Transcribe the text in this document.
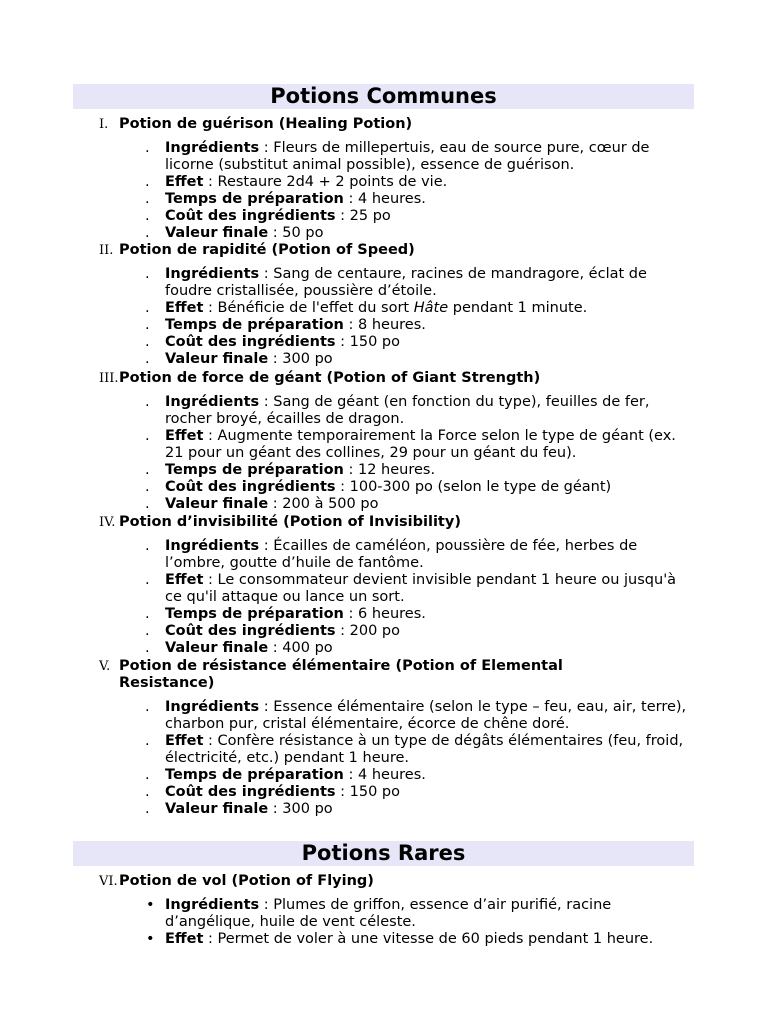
Potions Communes
I. Potion de guérison (Healing Potion)
. Ingrédients : Fleurs de millepertuis, eau de source pure, cœur de licorne (substitut animal possible), essence de guérison.
. Effet : Restaure 2d4 + 2 points de vie.
. Temps de préparation : 4 heures.
. Coût des ingrédients : 25 po
. Valeur finale : 50 po
II. Potion de rapidité (Potion of Speed)
. Ingrédients : Sang de centaure, racines de mandragore, éclat de foudre cristallisée, poussière d’étoile.
. Effet : Bénéficie de l'effet du sort Hâte pendant 1 minute.
. Temps de préparation : 8 heures.
. Coût des ingrédients : 150 po
. Valeur finale : 300 po
III. Potion de force de géant (Potion of Giant Strength)
. Ingrédients : Sang de géant (en fonction du type), feuilles de fer, rocher broyé, écailles de dragon.
. Effet : Augmente temporairement la Force selon le type de géant (ex. 21 pour un géant des collines, 29 pour un géant du feu).
. Temps de préparation : 12 heures.
. Coût des ingrédients : 100-300 po (selon le type de géant)
. Valeur finale : 200 à 500 po
IV. Potion d’invisibilité (Potion of Invisibility)
. Ingrédients : Écailles de caméléon, poussière de fée, herbes de l’ombre, goutte d’huile de fantôme.
. Effet : Le consommateur devient invisible pendant 1 heure ou jusqu'à ce qu'il attaque ou lance un sort.
. Temps de préparation : 6 heures.
. Coût des ingrédients : 200 po
. Valeur finale : 400 po
V. Potion de résistance élémentaire (Potion of Elemental Resistance)
. Ingrédients : Essence élémentaire (selon le type – feu, eau, air, terre), charbon pur, cristal élémentaire, écorce de chêne doré.
. Effet : Confère résistance à un type de dégâts élémentaires (feu, froid, électricité, etc.) pendant 1 heure.
. Temps de préparation : 4 heures.
. Coût des ingrédients : 150 po
. Valeur finale : 300 po
Potions Rares
VI. Potion de vol (Potion of Flying)
• Ingrédients : Plumes de griffon, essence d’air purifié, racine d’angélique, huile de vent céleste.
• Effet : Permet de voler à une vitesse de 60 pieds pendant 1 heure.
